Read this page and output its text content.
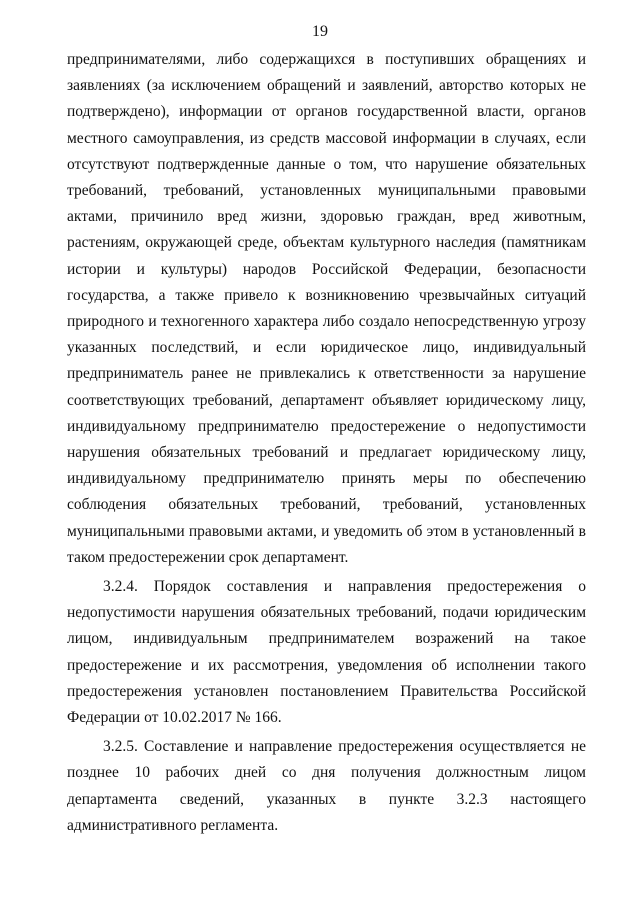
19

предпринимателями, либо содержащихся в поступивших обращениях и заявлениях (за исключением обращений и заявлений, авторство которых не подтверждено), информации от органов государственной власти, органов местного самоуправления, из средств массовой информации в случаях, если отсутствуют подтвержденные данные о том, что нарушение обязательных требований, требований, установленных муниципальными правовыми актами, причинило вред жизни, здоровью граждан, вред животным, растениям, окружающей среде, объектам культурного наследия (памятникам истории и культуры) народов Российской Федерации, безопасности государства, а также привело к возникновению чрезвычайных ситуаций природного и техногенного характера либо создало непосредственную угрозу указанных последствий, и если юридическое лицо, индивидуальный предприниматель ранее не привлекались к ответственности за нарушение соответствующих требований, департамент объявляет юридическому лицу, индивидуальному предпринимателю предостережение о недопустимости нарушения обязательных требований и предлагает юридическому лицу, индивидуальному предпринимателю принять меры по обеспечению соблюдения обязательных требований, требований, установленных муниципальными правовыми актами, и уведомить об этом в установленный в таком предостережении срок департамент.

3.2.4. Порядок составления и направления предостережения о недопустимости нарушения обязательных требований, подачи юридическим лицом, индивидуальным предпринимателем возражений на такое предостережение и их рассмотрения, уведомления об исполнении такого предостережения установлен постановлением Правительства Российской Федерации от 10.02.2017 № 166.

3.2.5. Составление и направление предостережения осуществляется не позднее 10 рабочих дней со дня получения должностным лицом департамента сведений, указанных в пункте 3.2.3 настоящего административного регламента.
